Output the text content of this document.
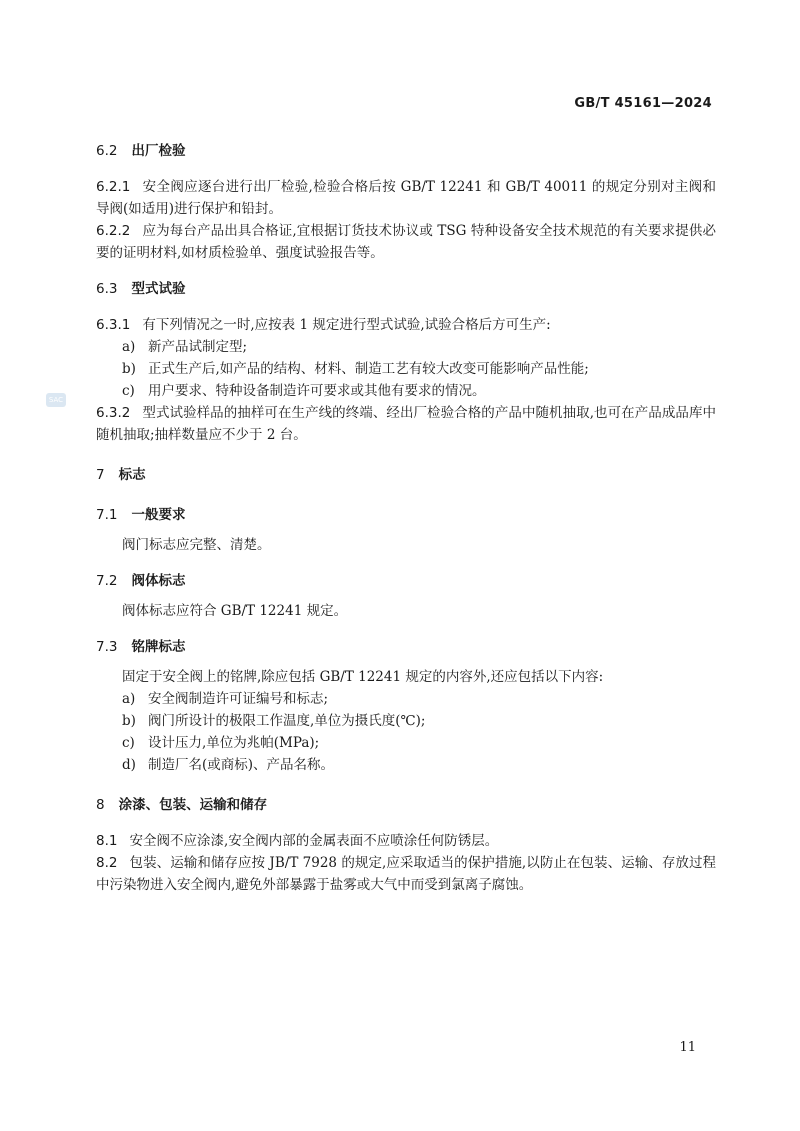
GB/T 45161—2024
SAC

6.2 出厂检验

6.2.1 安全阀应逐台进行出厂检验,检验合格后按 GB/T 12241 和 GB/T 40011 的规定分别对主阀和导阀(如适用)进行保护和铅封。

6.2.2 应为每台产品出具合格证,宜根据订货技术协议或 TSG 特种设备安全技术规范的有关要求提供必要的证明材料,如材质检验单、强度试验报告等。

6.3 型式试验

6.3.1 有下列情况之一时,应按表 1 规定进行型式试验,试验合格后方可生产:

a) 新产品试制定型;

b) 正式生产后,如产品的结构、材料、制造工艺有较大改变可能影响产品性能;

c) 用户要求、特种设备制造许可要求或其他有要求的情况。

6.3.2 型式试验样品的抽样可在生产线的终端、经出厂检验合格的产品中随机抽取,也可在产品成品库中随机抽取;抽样数量应不少于 2 台。

7 标志

7.1 一般要求

阀门标志应完整、清楚。

7.2 阀体标志

阀体标志应符合 GB/T 12241 规定。

7.3 铭牌标志

固定于安全阀上的铭牌,除应包括 GB/T 12241 规定的内容外,还应包括以下内容:

a) 安全阀制造许可证编号和标志;

b) 阀门所设计的极限工作温度,单位为摄氏度(℃);

c) 设计压力,单位为兆帕(MPa);

d) 制造厂名(或商标)、产品名称。

8 涂漆、包装、运输和储存

8.1 安全阀不应涂漆,安全阀内部的金属表面不应喷涂任何防锈层。

8.2 包装、运输和储存应按 JB/T 7928 的规定,应采取适当的保护措施,以防止在包装、运输、存放过程中污染物进入安全阀内,避免外部暴露于盐雾或大气中而受到氯离子腐蚀。

11
